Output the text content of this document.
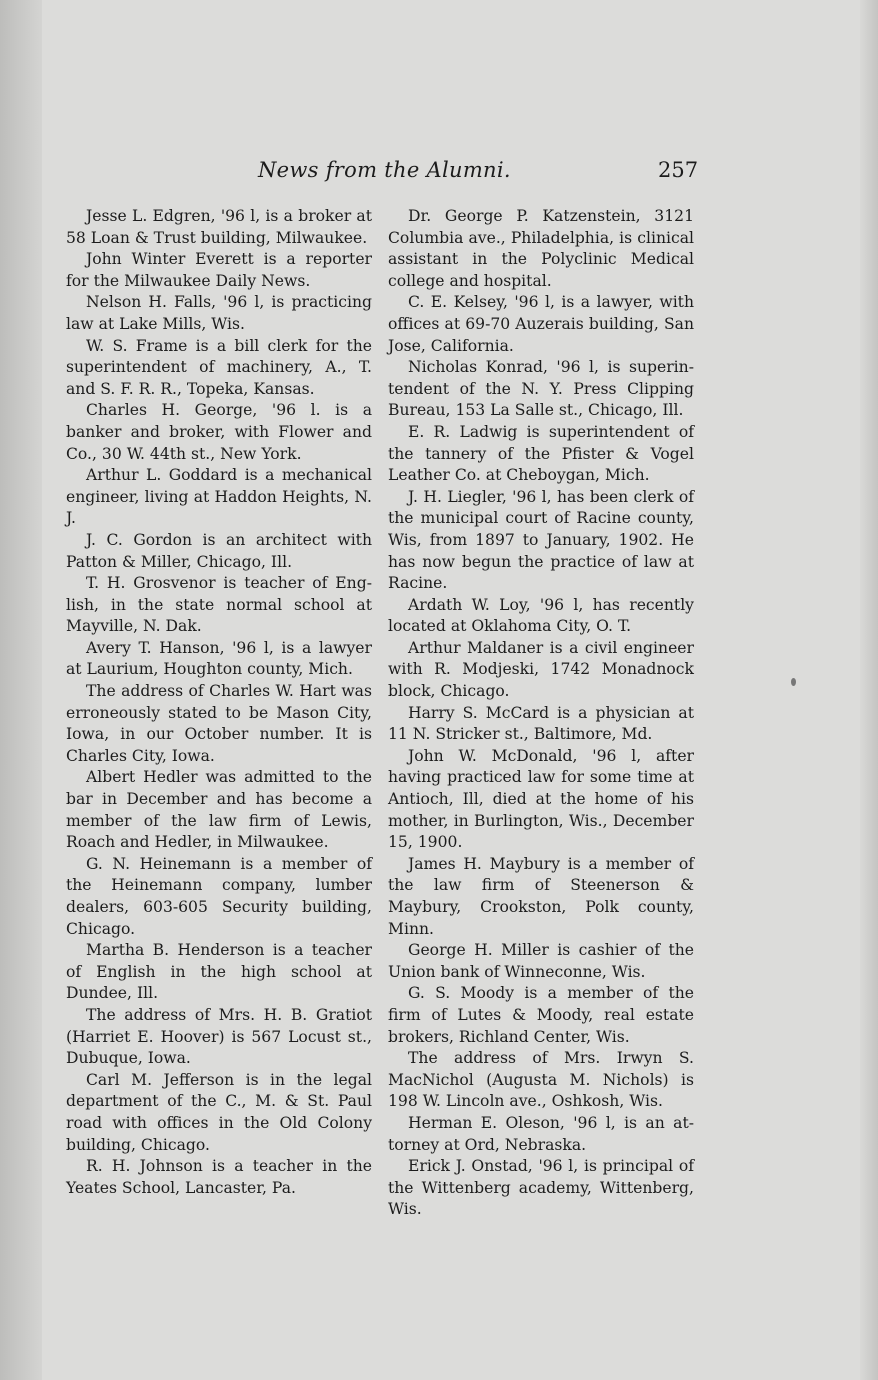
News from the Alumni.	257

Jesse L. Edgren, '96 l, is a broker at 58 Loan & Trust building, Milwaukee.

John Winter Everett is a reporter for the Milwaukee Daily News.

Nelson H. Falls, '96 l, is practicing law at Lake Mills, Wis.

W. S. Frame is a bill clerk for the superintendent of machinery, A., T. and S. F. R. R., Topeka, Kansas.

Charles H. George, '96 l. is a banker and broker, with Flower and Co., 30 W. 44th st., New York.

Arthur L. Goddard is a mechanical engineer, living at Haddon Heights, N. J.

J. C. Gordon is an architect with Patton & Miller, Chicago, Ill.

T. H. Grosvenor is teacher of English, in the state normal school at Mayville, N. Dak.

Avery T. Hanson, '96 l, is a lawyer at Laurium, Houghton county, Mich.

The address of Charles W. Hart was erroneously stated to be Mason City, Iowa, in our October number. It is Charles City, Iowa.

Albert Hedler was admitted to the bar in December and has become a member of the law firm of Lewis, Roach and Hedler, in Milwaukee.

G. N. Heinemann is a member of the Heinemann company, lumber dealers, 603-605 Security building, Chicago.

Martha B. Henderson is a teacher of English in the high school at Dundee, Ill.

The address of Mrs. H. B. Gratiot (Harriet E. Hoover) is 567 Locust st., Dubuque, Iowa.

Carl M. Jefferson is in the legal department of the C., M. & St. Paul road with offices in the Old Colony building, Chicago.

R. H. Johnson is a teacher in the Yeates School, Lancaster, Pa.

Dr. George P. Katzenstein, 3121 Columbia ave., Philadelphia, is clinical assistant in the Polyclinic Medical college and hospital.

C. E. Kelsey, '96 l, is a lawyer, with offices at 69-70 Auzerais building, San Jose, California.

Nicholas Konrad, '96 l, is superintendent of the N. Y. Press Clipping Bureau, 153 La Salle st., Chicago, Ill.

E. R. Ladwig is superintendent of the tannery of the Pfister & Vogel Leather Co. at Cheboygan, Mich.

J. H. Liegler, '96 l, has been clerk of the municipal court of Racine county, Wis, from 1897 to January, 1902. He has now begun the practice of law at Racine.

Ardath W. Loy, '96 l, has recently located at Oklahoma City, O. T.

Arthur Maldaner is a civil engineer with R. Modjeski, 1742 Monadnock block, Chicago.

Harry S. McCard is a physician at 11 N. Stricker st., Baltimore, Md.

John W. McDonald, '96 l, after having practiced law for some time at Antioch, Ill, died at the home of his mother, in Burlington, Wis., December 15, 1900.

James H. Maybury is a member of the law firm of Steenerson & Maybury, Crookston, Polk county, Minn.

George H. Miller is cashier of the Union bank of Winneconne, Wis.

G. S. Moody is a member of the firm of Lutes & Moody, real estate brokers, Richland Center, Wis.

The address of Mrs. Irwyn S. MacNichol (Augusta M. Nichols) is 198 W. Lincoln ave., Oshkosh, Wis.

Herman E. Oleson, '96 l, is an attorney at Ord, Nebraska.

Erick J. Onstad, '96 l, is principal of the Wittenberg academy, Wittenberg, Wis.
